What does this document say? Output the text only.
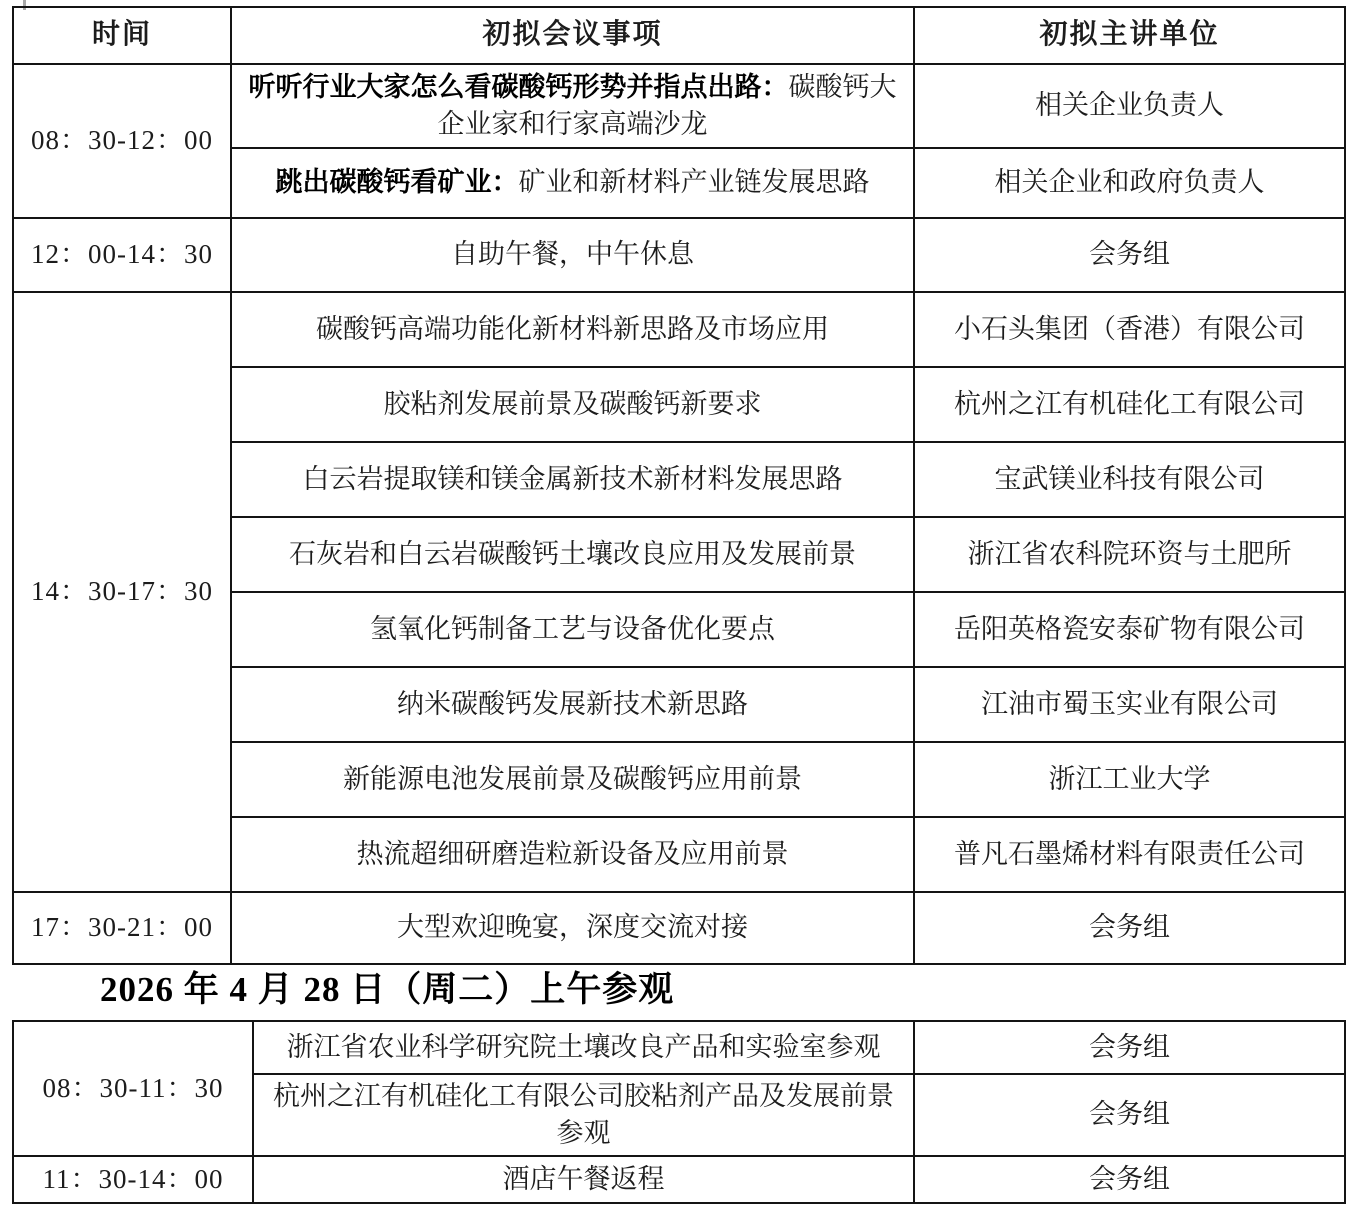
时间	初拟会议事项	初拟主讲单位
08：30-12：00	听听行业大家怎么看碳酸钙形势并指点出路：碳酸钙大企业家和行家高端沙龙	相关企业负责人
	跳出碳酸钙看矿业：矿业和新材料产业链发展思路	相关企业和政府负责人
12：00-14：30	自助午餐，中午休息	会务组
14：30-17：30	碳酸钙高端功能化新材料新思路及市场应用	小石头集团（香港）有限公司
	胶粘剂发展前景及碳酸钙新要求	杭州之江有机硅化工有限公司
	白云岩提取镁和镁金属新技术新材料发展思路	宝武镁业科技有限公司
	石灰岩和白云岩碳酸钙土壤改良应用及发展前景	浙江省农科院环资与土肥所
	氢氧化钙制备工艺与设备优化要点	岳阳英格瓷安泰矿物有限公司
	纳米碳酸钙发展新技术新思路	江油市蜀玉实业有限公司
	新能源电池发展前景及碳酸钙应用前景	浙江工业大学
	热流超细研磨造粒新设备及应用前景	普凡石墨烯材料有限责任公司
17：30-21：00	大型欢迎晚宴，深度交流对接	会务组
2026 年 4 月 28 日（周二）上午参观
08：30-11：30	浙江省农业科学研究院土壤改良产品和实验室参观	会务组
	杭州之江有机硅化工有限公司胶粘剂产品及发展前景参观	会务组
11：30-14：00	酒店午餐返程	会务组
